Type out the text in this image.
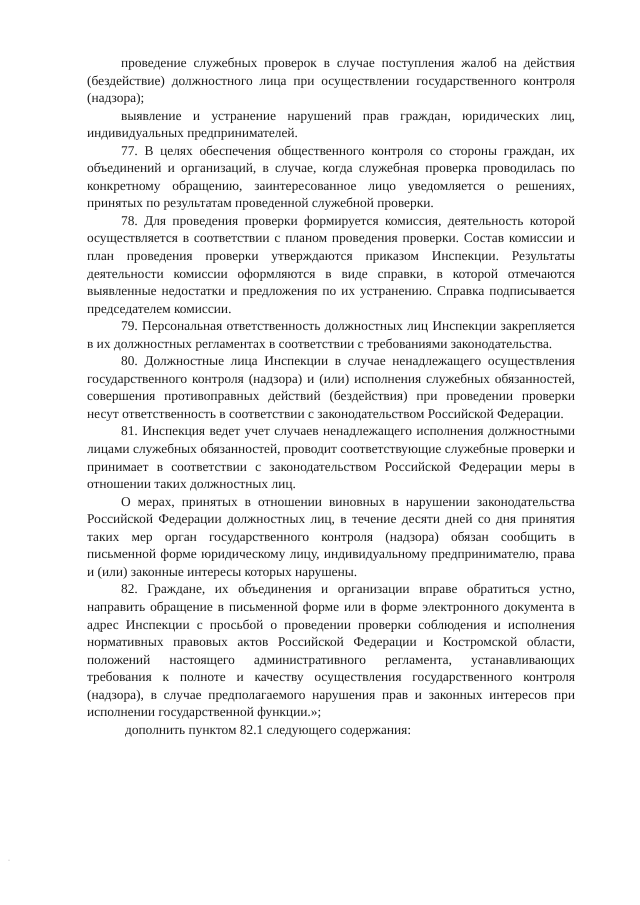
проведение служебных проверок в случае поступления жалоб на действия (бездействие) должностного лица при осуществлении государственного контроля (надзора);

выявление и устранение нарушений прав граждан, юридических лиц, индивидуальных предпринимателей.

77. В целях обеспечения общественного контроля со стороны граждан, их объединений и организаций, в случае, когда служебная проверка проводилась по конкретному обращению, заинтересованное лицо уведомляется о решениях, принятых по результатам проведенной служебной проверки.

78. Для проведения проверки формируется комиссия, деятельность которой осуществляется в соответствии с планом проведения проверки. Состав комиссии и план проведения проверки утверждаются приказом Инспекции. Результаты деятельности комиссии оформляются в виде справки, в которой отмечаются выявленные недостатки и предложения по их устранению. Справка подписывается председателем комиссии.

79. Персональная ответственность должностных лиц Инспекции закрепляется в их должностных регламентах в соответствии с требованиями законодательства.

80. Должностные лица Инспекции в случае ненадлежащего осуществления государственного контроля (надзора) и (или) исполнения служебных обязанностей, совершения противоправных действий (бездействия) при проведении проверки несут ответственность в соответствии с законодательством Российской Федерации.

81. Инспекция ведет учет случаев ненадлежащего исполнения должностными лицами служебных обязанностей, проводит соответствующие служебные проверки и принимает в соответствии с законодательством Российской Федерации меры в отношении таких должностных лиц.

О мерах, принятых в отношении виновных в нарушении законодательства Российской Федерации должностных лиц, в течение десяти дней со дня принятия таких мер орган государственного контроля (надзора) обязан сообщить в письменной форме юридическому лицу, индивидуальному предпринимателю, права и (или) законные интересы которых нарушены.

82. Граждане, их объединения и организации вправе обратиться устно, направить обращение в письменной форме или в форме электронного документа в адрес Инспекции с просьбой о проведении проверки соблюдения и исполнения нормативных правовых актов Российской Федерации и Костромской области, положений настоящего административного регламента, устанавливающих требования к полноте и качеству осуществления государственного контроля (надзора), в случае предполагаемого нарушения прав и законных интересов при исполнении государственной функции.»;

дополнить пунктом 82.1 следующего содержания:

·
